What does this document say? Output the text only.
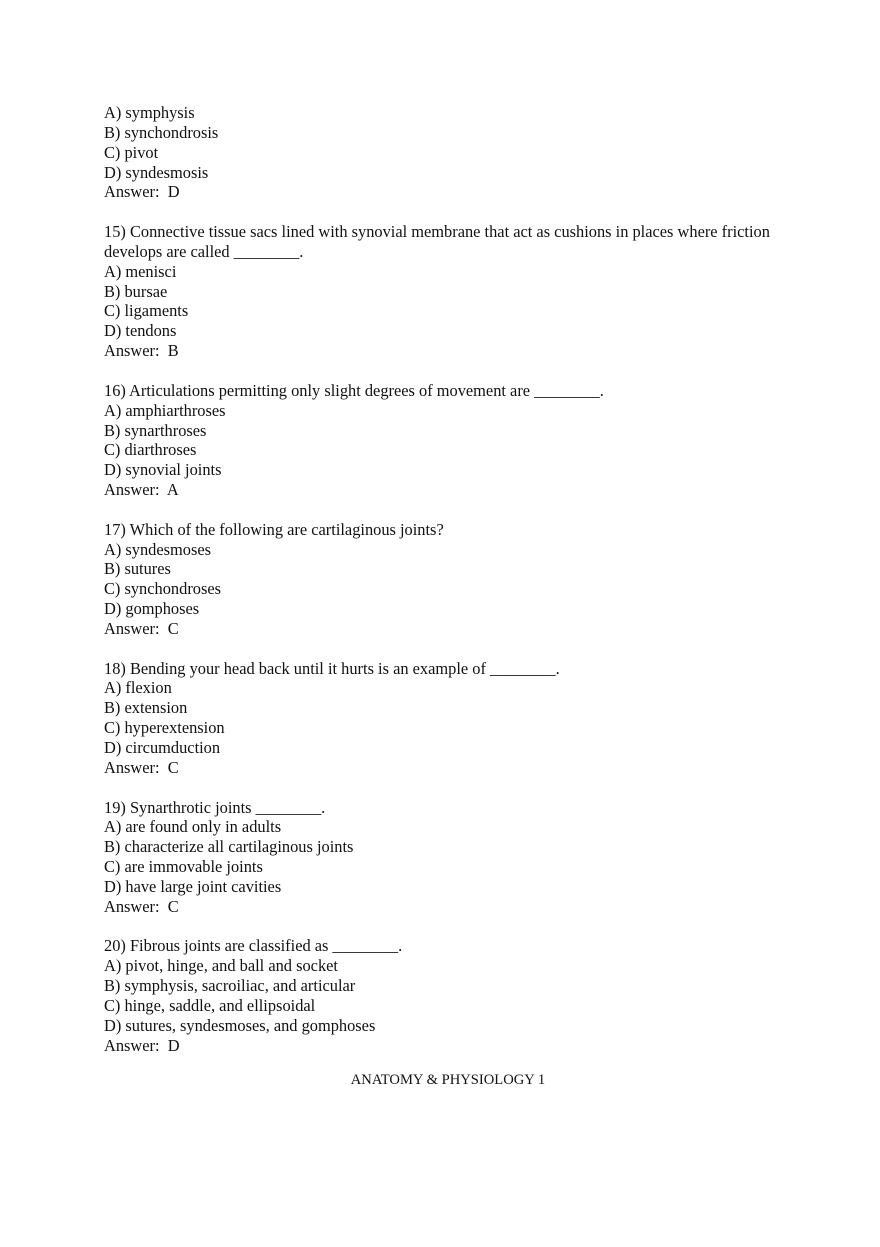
A) symphysis
B) synchondrosis
C) pivot
D) syndesmosis
Answer:  D
15) Connective tissue sacs lined with synovial membrane that act as cushions in places where friction develops are called ________.
A) menisci
B) bursae
C) ligaments
D) tendons
Answer:  B
16) Articulations permitting only slight degrees of movement are ________.
A) amphiarthroses
B) synarthroses
C) diarthroses
D) synovial joints
Answer:  A
17) Which of the following are cartilaginous joints?
A) syndesmoses
B) sutures
C) synchondroses
D) gomphoses
Answer:  C
18) Bending your head back until it hurts is an example of ________.
A) flexion
B) extension
C) hyperextension
D) circumduction
Answer:  C
19) Synarthrotic joints ________.
A) are found only in adults
B) characterize all cartilaginous joints
C) are immovable joints
D) have large joint cavities
Answer:  C
20) Fibrous joints are classified as ________.
A) pivot, hinge, and ball and socket
B) symphysis, sacroiliac, and articular
C) hinge, saddle, and ellipsoidal
D) sutures, syndesmoses, and gomphoses
Answer:  D
ANATOMY & PHYSIOLOGY 1
